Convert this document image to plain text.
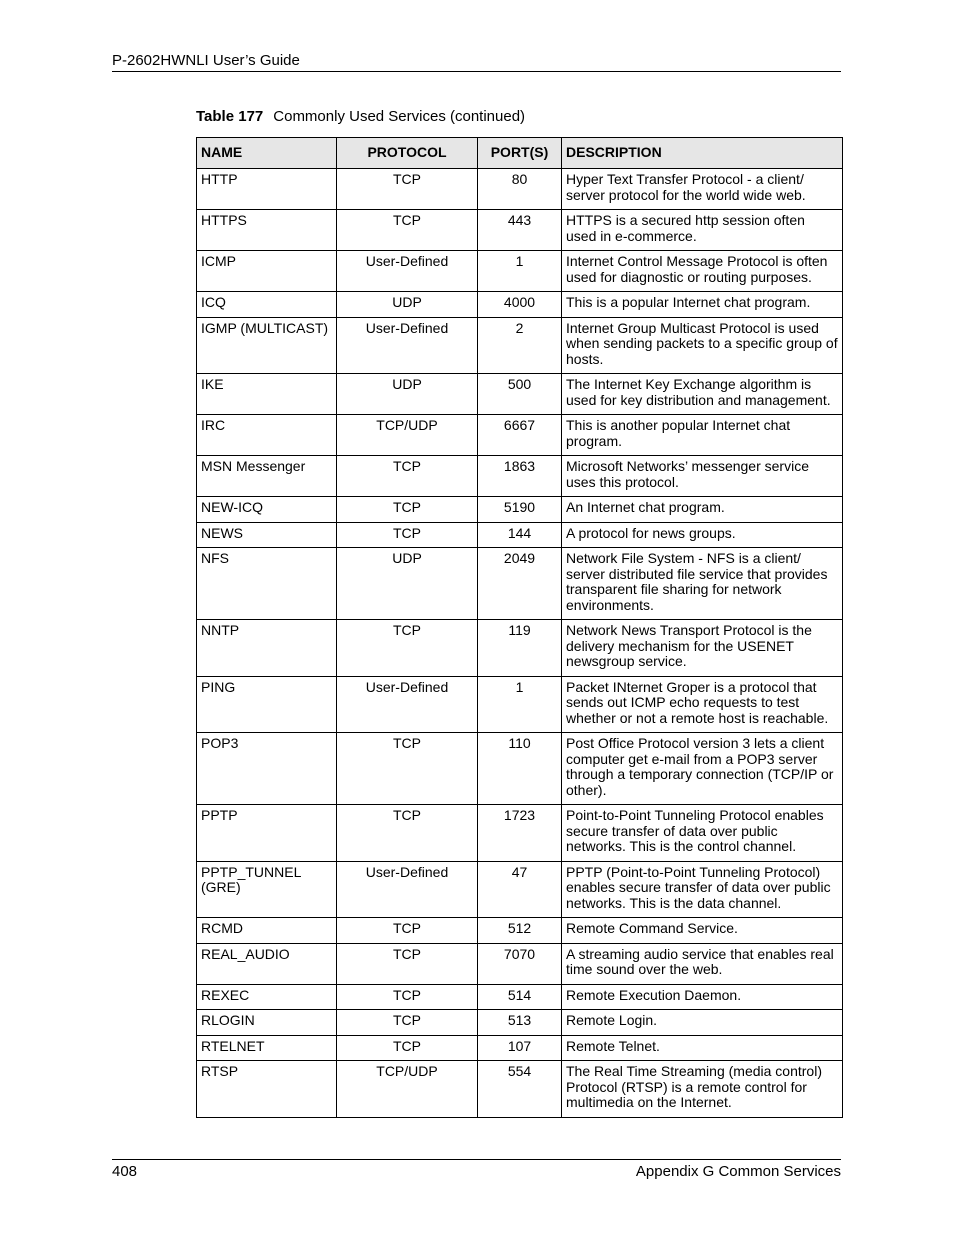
P-2602HWNLI User’s Guide
Table 177 Commonly Used Services (continued)
NAME	PROTOCOL	PORT(S)	DESCRIPTION
HTTP	TCP	80	Hyper Text Transfer Protocol - a client/ server protocol for the world wide web.
HTTPS	TCP	443	HTTPS is a secured http session often used in e-commerce.
ICMP	User-Defined	1	Internet Control Message Protocol is often used for diagnostic or routing purposes.
ICQ	UDP	4000	This is a popular Internet chat program.
IGMP (MULTICAST)	User-Defined	2	Internet Group Multicast Protocol is used when sending packets to a specific group of hosts.
IKE	UDP	500	The Internet Key Exchange algorithm is used for key distribution and management.
IRC	TCP/UDP	6667	This is another popular Internet chat program.
MSN Messenger	TCP	1863	Microsoft Networks’ messenger service uses this protocol.
NEW-ICQ	TCP	5190	An Internet chat program.
NEWS	TCP	144	A protocol for news groups.
NFS	UDP	2049	Network File System - NFS is a client/ server distributed file service that provides transparent file sharing for network environments.
NNTP	TCP	119	Network News Transport Protocol is the delivery mechanism for the USENET newsgroup service.
PING	User-Defined	1	Packet INternet Groper is a protocol that sends out ICMP echo requests to test whether or not a remote host is reachable.
POP3	TCP	110	Post Office Protocol version 3 lets a client computer get e-mail from a POP3 server through a temporary connection (TCP/IP or other).
PPTP	TCP	1723	Point-to-Point Tunneling Protocol enables secure transfer of data over public networks. This is the control channel.
PPTP_TUNNEL (GRE)	User-Defined	47	PPTP (Point-to-Point Tunneling Protocol) enables secure transfer of data over public networks. This is the data channel.
RCMD	TCP	512	Remote Command Service.
REAL_AUDIO	TCP	7070	A streaming audio service that enables real time sound over the web.
REXEC	TCP	514	Remote Execution Daemon.
RLOGIN	TCP	513	Remote Login.
RTELNET	TCP	107	Remote Telnet.
RTSP	TCP/UDP	554	The Real Time Streaming (media control) Protocol (RTSP) is a remote control for multimedia on the Internet.
408	Appendix G Common Services
